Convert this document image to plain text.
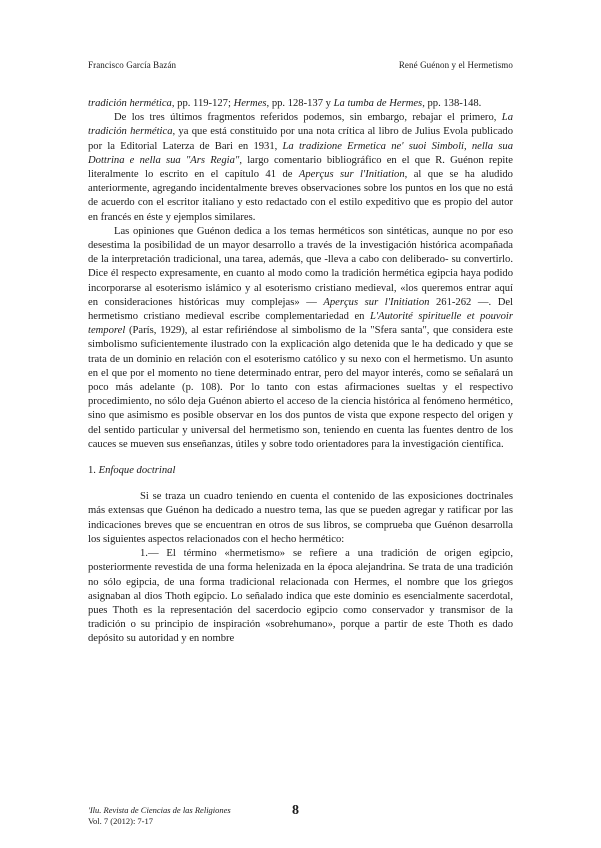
Francisco García Bazán	René Guénon y el Hermetismo

tradición hermética, pp. 119-127; Hermes, pp. 128-137 y La tumba de Hermes, pp. 138-148.

De los tres últimos fragmentos referidos podemos, sin embargo, rebajar el primero, La tradición hermética, ya que está constituido por una nota crítica al libro de Julius Evola publicado por la Editorial Laterza de Bari en 1931, La tradizione Ermetica ne' suoi Simboli, nella sua Dottrina e nella sua "Ars Regia", largo comentario bibliográfico en el que R. Guénon repite literalmente lo escrito en el capítulo 41 de Aperçus sur l'Initiation, al que se ha aludido anteriormente, agregando incidentalmente breves observaciones sobre los puntos en los que no está de acuerdo con el escritor italiano y esto redactado con el estilo expeditivo que es propio del autor en francés en éste y ejemplos similares.

Las opiniones que Guénon dedica a los temas herméticos son sintéticas, aunque no por eso desestima la posibilidad de un mayor desarrollo a través de la investigación histórica acompañada de la interpretación tradicional, una tarea, además, que -lleva a cabo con deliberado- su convertirlo. Dice él respecto expresamente, en cuanto al modo como la tradición hermética egipcia haya podido incorporarse al esoterismo islámico y al esoterismo cristiano medieval, «los queremos entrar aquí en consideraciones históricas muy complejas» — Aperçus sur l'Initiation 261-262 —. Del hermetismo cristiano medieval escribe complementariedad en L'Autorité spirituelle et pouvoir temporel (París, 1929), al estar refiriéndose al simbolismo de la "Sfera santa", que considera este simbolismo suficientemente ilustrado con la explicación algo detenida que le ha dedicado y que se trata de un dominio en relación con el esoterismo católico y su nexo con el hermetismo. Un asunto en el que por el momento no tiene determinado entrar, pero del mayor interés, como se señalará un poco más adelante (p. 108). Por lo tanto con estas afirmaciones sueltas y el respectivo procedimiento, no sólo deja Guénon abierto el acceso de la ciencia histórica al fenómeno hermético, sino que asimismo es posible observar en los dos puntos de vista que expone respecto del origen y del sentido particular y universal del hermetismo son, teniendo en cuenta las fuentes dentro de los cauces se mueven sus enseñanzas, útiles y sobre todo orientadores para la investigación científica.

1. Enfoque doctrinal

Si se traza un cuadro teniendo en cuenta el contenido de las exposiciones doctrinales más extensas que Guénon ha dedicado a nuestro tema, las que se pueden agregar y ratificar por las indicaciones breves que se encuentran en otros de sus libros, se comprueba que Guénon desarrolla los siguientes aspectos relacionados con el hecho hermético:

1.— El término «hermetismo» se refiere a una tradición de origen egipcio, posteriormente revestida de una forma helenizada en la época alejandrina. Se trata de una tradición no sólo egipcia, de una forma tradicional relacionada con Hermes, el nombre que los griegos asignaban al dios Thoth egipcio. Lo señalado indica que este dominio es esencialmente sacerdotal, pues Thoth es la representación del sacerdocio egipcio como conservador y transmisor de la tradición o su principio de inspiración «sobrehumano», porque a partir de este Thoth es dado depósito su autoridad y en nombre

'Ilu. Revista de Ciencias de las Religiones
Vol. 7 (2012): 7-17
8
